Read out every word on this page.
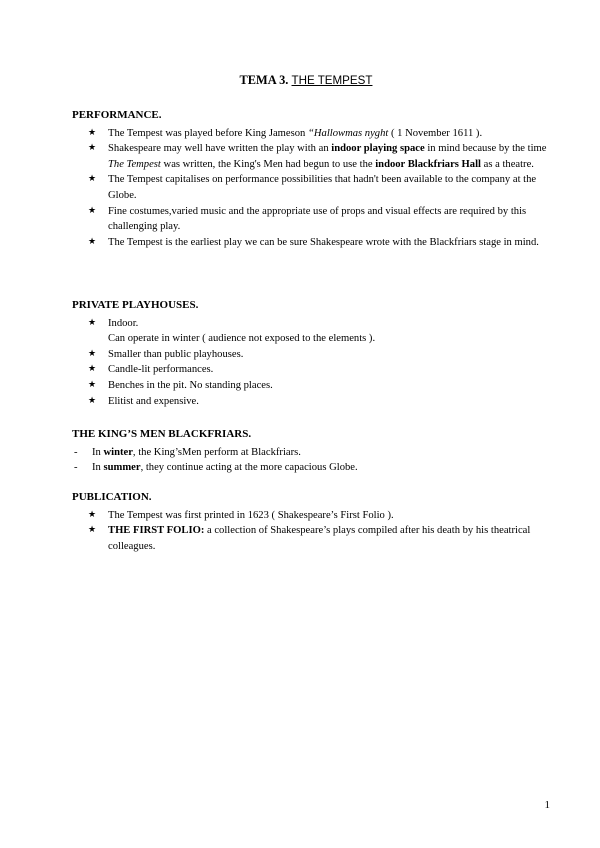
TEMA 3. THE TEMPEST
PERFORMANCE.
★ The Tempest was played before King Jameson “Hallowmas nyght ( 1 November 1611 ).
★ Shakespeare may well have written the play with an indoor playing space in mind because by the time The Tempest was written, the King's Men had begun to use the indoor Blackfriars Hall as a theatre.
★ The Tempest capitalises on performance possibilities that hadn't been available to the company at the Globe.
★ Fine costumes,varied music and the appropriate use of props and visual effects are required by this challenging play.
★ The Tempest is the earliest play we can be sure Shakespeare wrote with the Blackfriars stage in mind.
PRIVATE PLAYHOUSES.
★ Indoor.
Can operate in winter ( audience not exposed to the elements ).
★ Smaller than public playhouses.
★ Candle-lit performances.
★ Benches in the pit. No standing places.
★ Elitist and expensive.
THE KING’S MEN BLACKFRIARS.
- In winter, the King’sMen perform at Blackfriars.
- In summer, they continue acting at the more capacious Globe.
PUBLICATION.
★ The Tempest was first printed in 1623 ( Shakespeare’s First Folio ).
★ THE FIRST FOLIO: a collection of Shakespeare’s plays compiled after his death by his theatrical colleagues.
1
